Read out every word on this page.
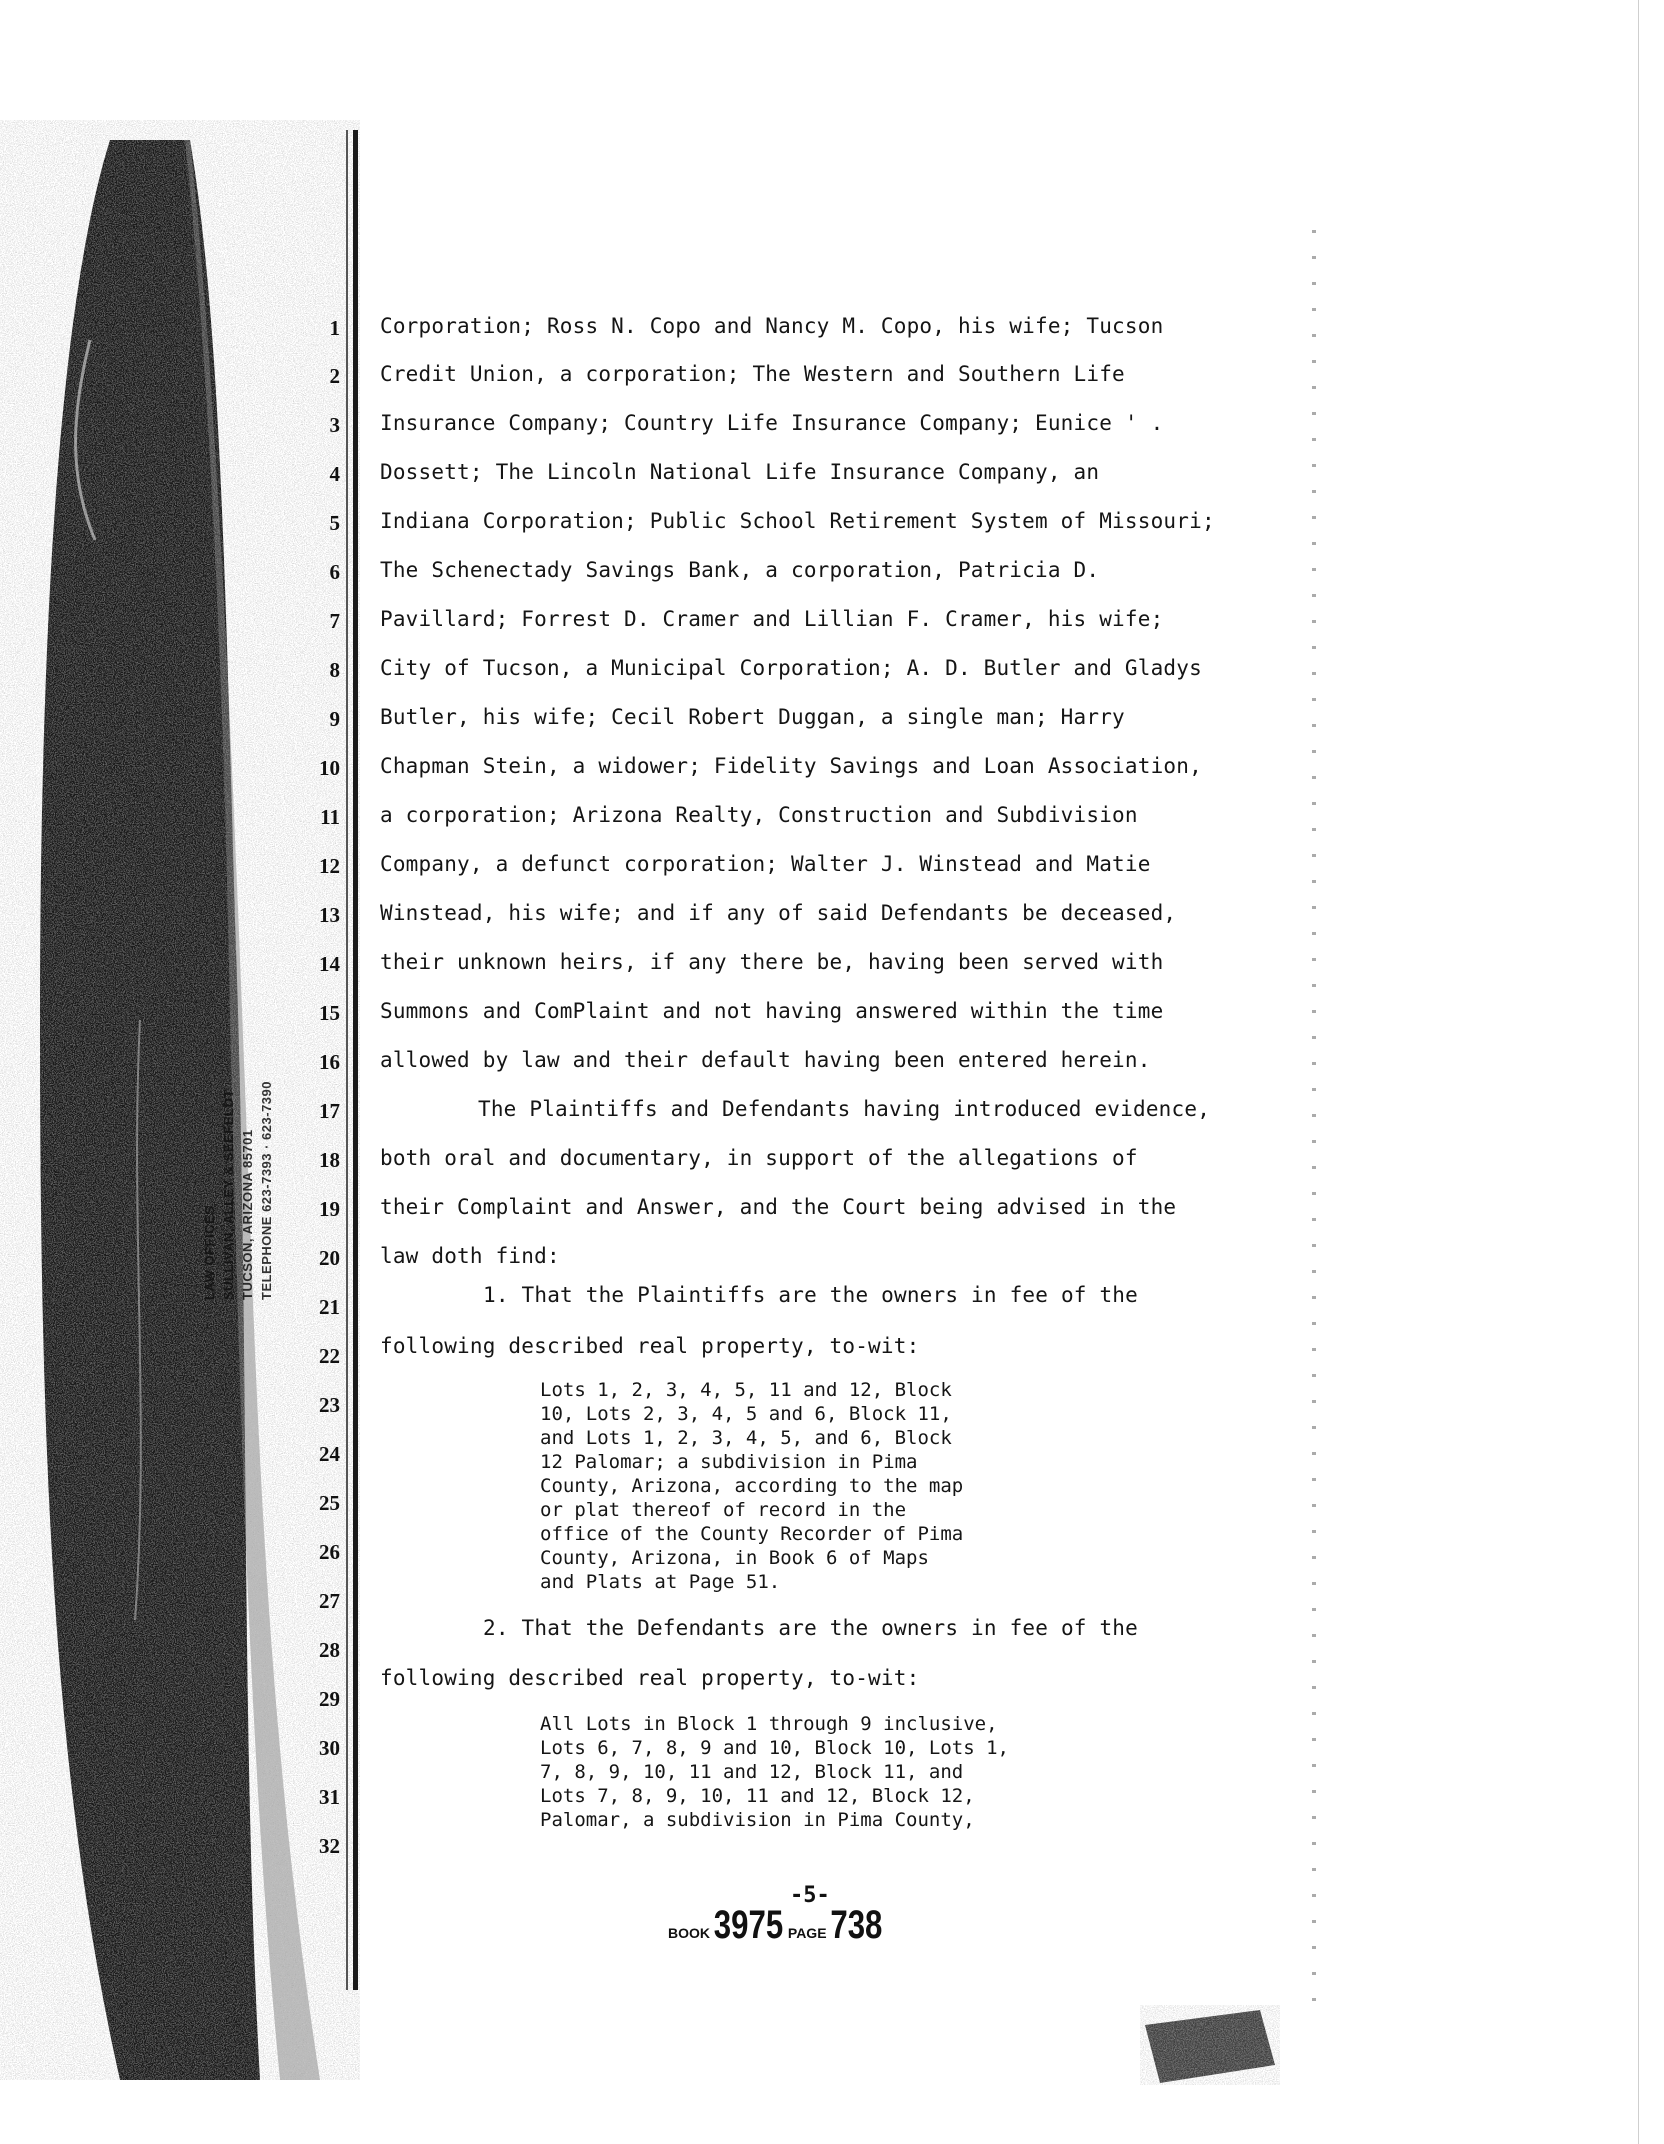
LAW OFFICES SULLIVAN, ALLEY & SEEFELDT TUCSON, ARIZONA 85701 TELEPHONE 623-7393 · 623-7390
1
2
3
4
5
6
7
8
9
10
11
12
13
14
15
16
17
18
19
20
21
22
23
24
25
26
27
28
29
30
31
32
Corporation; Ross N. Copo and Nancy M. Copo, his wife; Tucson
Credit Union, a corporation; The Western and Southern Life
Insurance Company; Country Life Insurance Company; Eunice ' .
Dossett; The Lincoln National Life Insurance Company, an
Indiana Corporation; Public School Retirement System of Missouri;
The Schenectady Savings Bank, a corporation, Patricia D.
Pavillard; Forrest D. Cramer and Lillian F. Cramer, his wife;
City of Tucson, a Municipal Corporation; A. D. Butler and Gladys
Butler, his wife; Cecil Robert Duggan, a single man; Harry
Chapman Stein, a widower; Fidelity Savings and Loan Association,
a corporation; Arizona Realty, Construction and Subdivision
Company, a defunct corporation; Walter J. Winstead and Matie
Winstead, his wife; and if any of said Defendants be deceased,
their unknown heirs, if any there be, having been served with
Summons and ComPlaint and not having answered within the time
allowed by law and their default having been entered herein.
The Plaintiffs and Defendants having introduced evidence,
both oral and documentary, in support of the allegations of
their Complaint and Answer, and the Court being advised in the
law doth find:
1. That the Plaintiffs are the owners in fee of the
following described real property, to-wit:
Lots 1, 2, 3, 4, 5, 11 and 12, Block
10, Lots 2, 3, 4, 5 and 6, Block 11,
and Lots 1, 2, 3, 4, 5, and 6, Block
12 Palomar; a subdivision in Pima
County, Arizona, according to the map
or plat thereof of record in the
office of the County Recorder of Pima
County, Arizona, in Book 6 of Maps
and Plats at Page 51.
2. That the Defendants are the owners in fee of the
following described real property, to-wit:
All Lots in Block 1 through 9 inclusive,
Lots 6, 7, 8, 9 and 10, Block 10, Lots 1,
7, 8, 9, 10, 11 and 12, Block 11, and
Lots 7, 8, 9, 10, 11 and 12, Block 12,
Palomar, a subdivision in Pima County,
-5-
BOOK 3975 PAGE 738
